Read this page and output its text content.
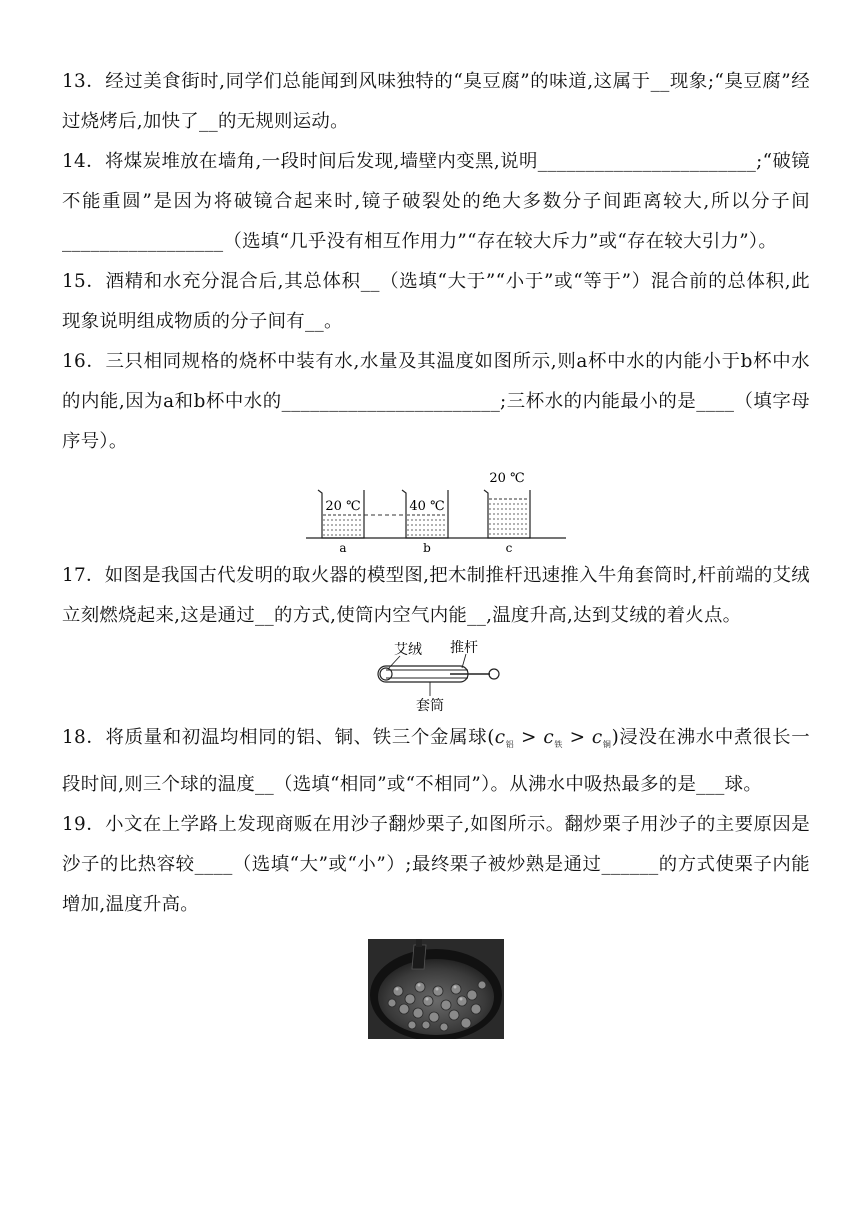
13．经过美食街时,同学们总能闻到风味独特的“臭豆腐”的味道,这属于__现象;“臭豆腐”经过烧烤后,加快了__的无规则运动。

14．将煤炭堆放在墙角,一段时间后发现,墙壁内变黑,说明_______________________;“破镜不能重圆”是因为将破镜合起来时,镜子破裂处的绝大多数分子间距离较大,所以分子间_________________（选填“几乎没有相互作用力”“存在较大斥力”或“存在较大引力”）。

15．酒精和水充分混合后,其总体积__（选填“大于”“小于”或“等于”）混合前的总体积,此现象说明组成物质的分子间有__。

16．三只相同规格的烧杯中装有水,水量及其温度如图所示,则a杯中水的内能小于b杯中水的内能,因为a和b杯中水的_______________________;三杯水的内能最小的是____（填字母序号）。

20 ℃
a
40 ℃
b
20 ℃
c

17．如图是我国古代发明的取火器的模型图,把木制推杆迅速推入牛角套筒时,杆前端的艾绒立刻燃烧起来,这是通过__的方式,使筒内空气内能__,温度升高,达到艾绒的着火点。

艾绒 推杆
套筒

18．将质量和初温均相同的铝、铜、铁三个金属球$(c_铝 > c_铁 > c_铜)$浸没在沸水中煮很长一段时间,则三个球的温度__（选填“相同”或“不相同”）。从沸水中吸热最多的是___球。

19．小文在上学路上发现商贩在用沙子翻炒栗子,如图所示。翻炒栗子用沙子的主要原因是沙子的比热容较____（选填“大”或“小”）;最终栗子被炒熟是通过______的方式使栗子内能增加,温度升高。
